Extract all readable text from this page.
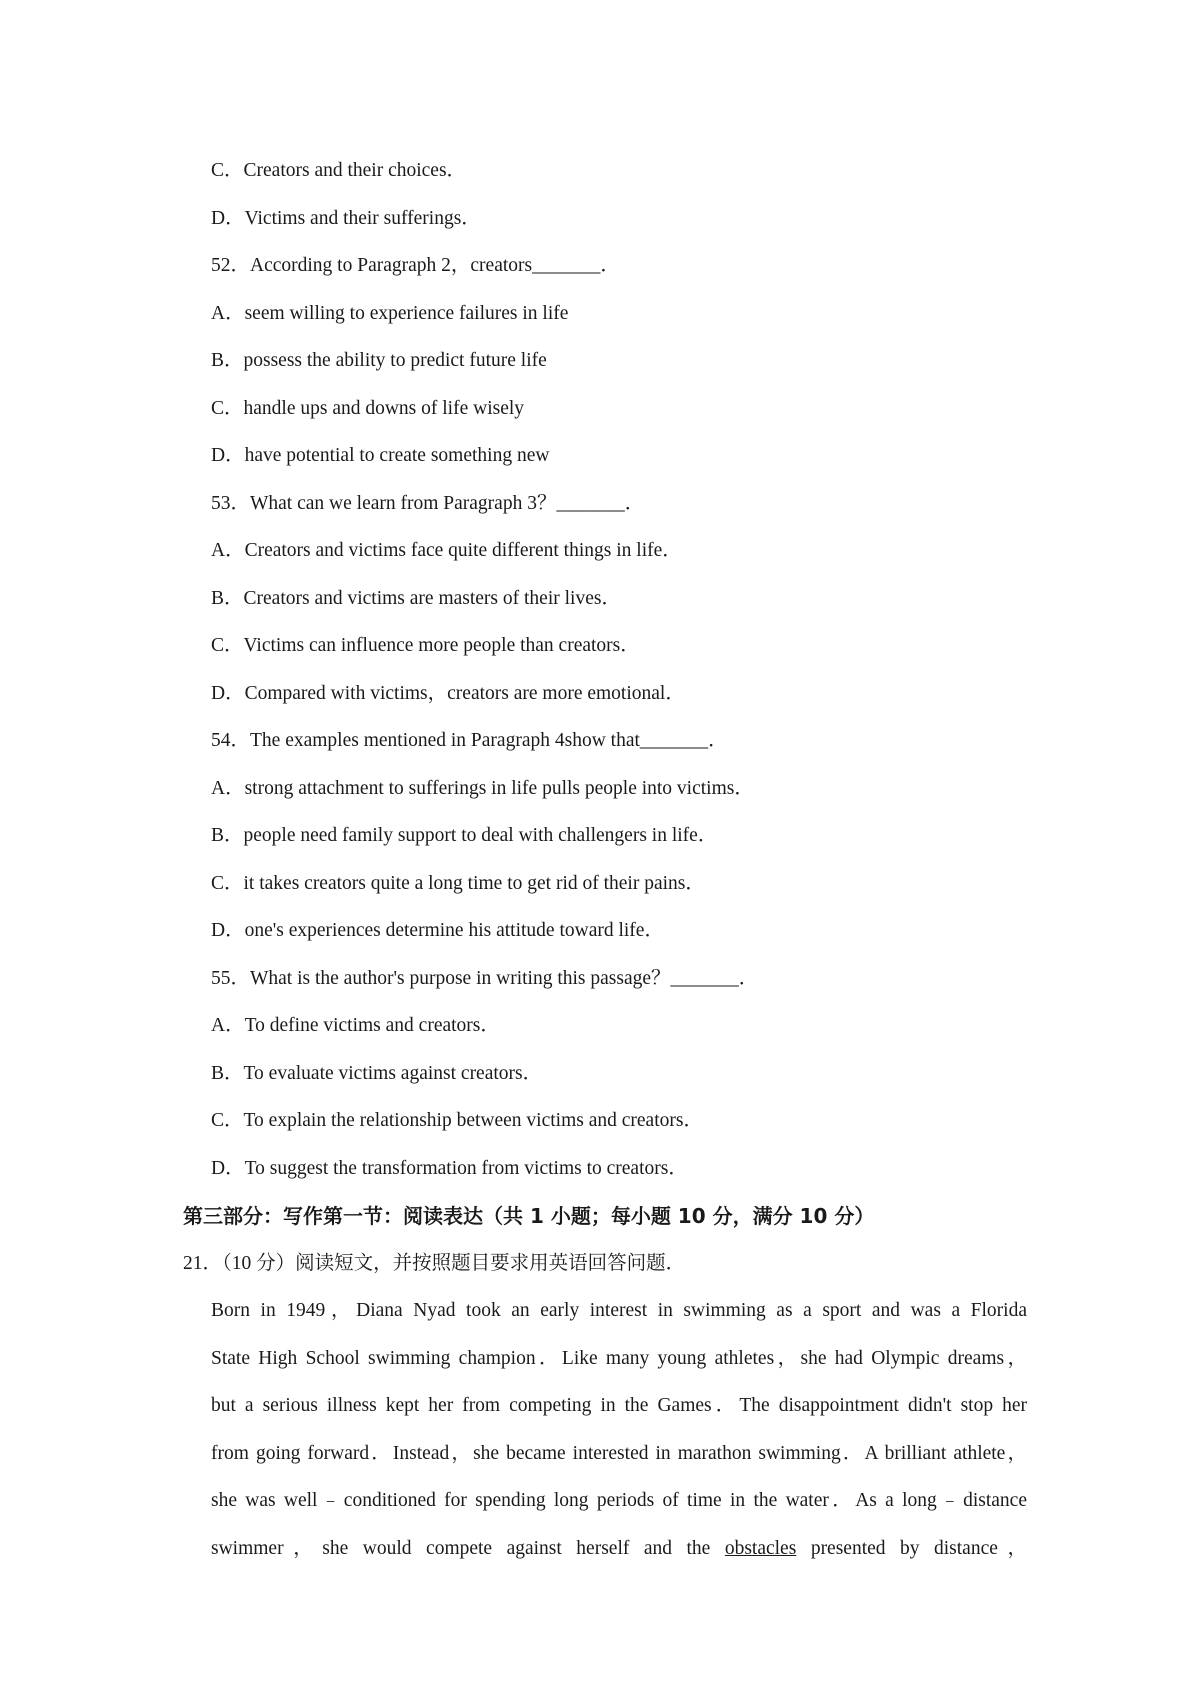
C．Creators and their choices．
D．Victims and their sufferings．
52．According to Paragraph 2，creators_______．
A．seem willing to experience failures in life
B．possess the ability to predict future life
C．handle ups and downs of life wisely
D．have potential to create something new
53．What can we learn from Paragraph 3？_______．
A．Creators and victims face quite different things in life．
B．Creators and victims are masters of their lives．
C．Victims can influence more people than creators．
D．Compared with victims，creators are more emotional．
54．The examples mentioned in Paragraph 4show that_______．
A．strong attachment to sufferings in life pulls people into victims．
B．people need family support to deal with challengers in life．
C．it takes creators quite a long time to get rid of their pains．
D．one's experiences determine his attitude toward life．
55．What is the author's purpose in writing this passage？_______．
A．To define victims and creators．
B．To evaluate victims against creators．
C．To explain the relationship between victims and creators．
D．To suggest the transformation from victims to creators．
第三部分：写作第一节：阅读表达（共 1 小题；每小题 10 分，满分 10 分）
21．（10 分）阅读短文，并按照题目要求用英语回答问题．
Born in 1949，Diana Nyad took an early interest in swimming as a sport and was a Florida
State High School swimming champion．Like many young athletes，she had Olympic dreams，
but a serious illness kept her from competing in the Games．The disappointment didn't stop her
from going forward．Instead，she became interested in marathon swimming．A brilliant athlete，
she was well﹣conditioned for spending long periods of time in the water．As a long﹣distance
swimmer，she would compete against herself and the obstacles presented by distance，
